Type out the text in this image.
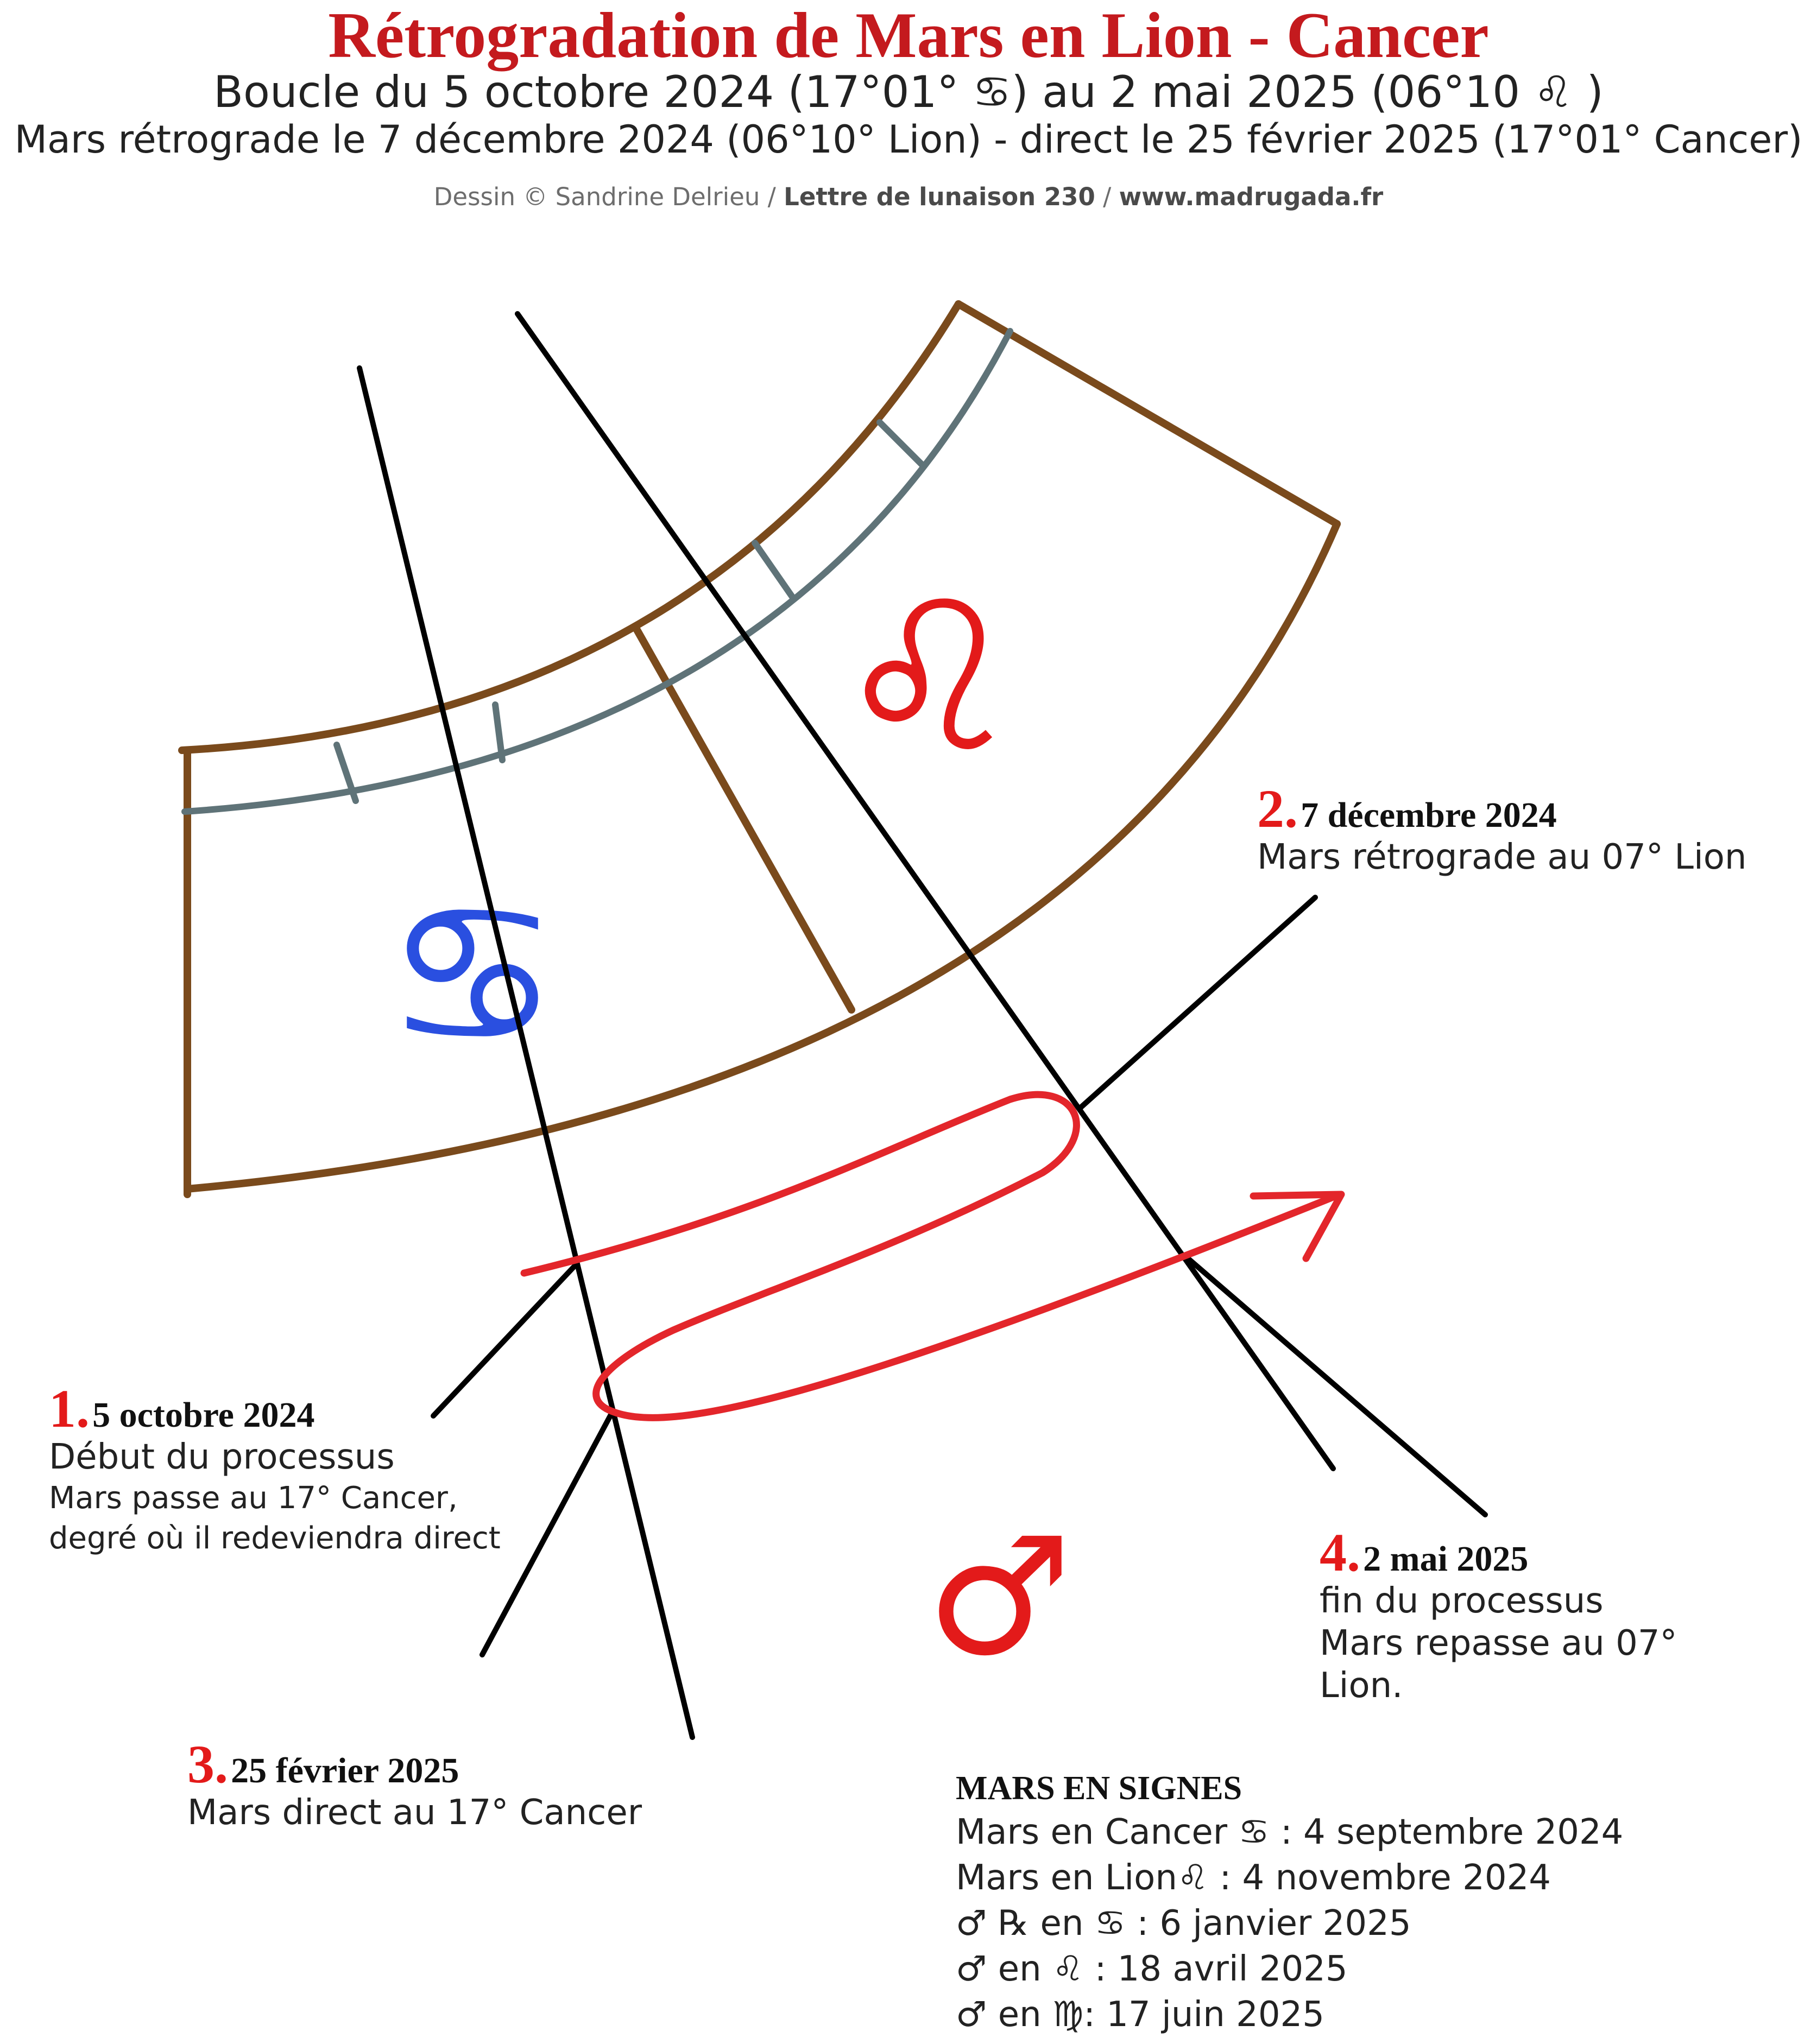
Rétrogradation de Mars en Lion - Cancer
Boucle du 5 octobre 2024 (17°01° ♋) au 2 mai 2025 (06°10 ♌ )
Mars rétrograde le 7 décembre 2024 (06°10° Lion) - direct le 25 février 2025 (17°01° Cancer)
Dessin © Sandrine Delrieu / Lettre de lunaison 230 / www.madrugada.fr
♌
♋
♂
1. 5 octobre 2024
Début du processus
Mars passe au 17° Cancer,
degré où il redeviendra direct
2. 7 décembre 2024
Mars rétrograde au 07° Lion
3. 25 février 2025
Mars direct au 17° Cancer
4. 2 mai 2025
fin du processus
Mars repasse au 07°
Lion.
MARS EN SIGNES
Mars en Cancer ♋ : 4 septembre 2024
Mars en Lion♌ : 4 novembre 2024
♂ ℞ en ♋ : 6 janvier 2025
♂ en ♌ : 18 avril 2025
♂ en ♍: 17 juin 2025
